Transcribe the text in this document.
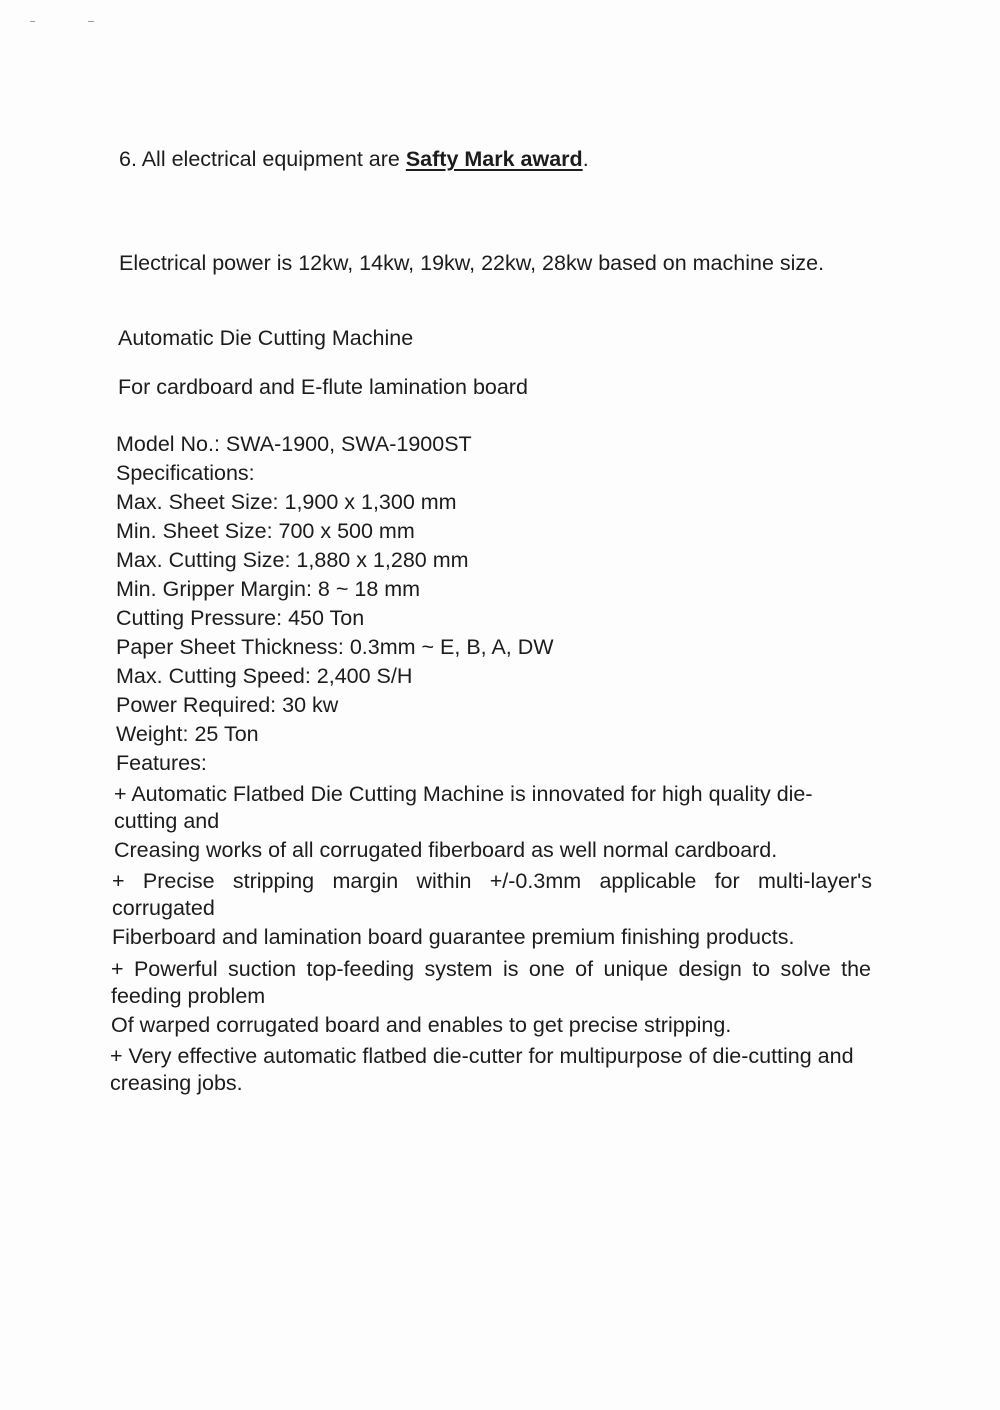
6. All electrical equipment are Safty Mark award.
Electrical power is 12kw, 14kw, 19kw, 22kw, 28kw based on machine size.
Automatic Die Cutting Machine
For cardboard and E-flute lamination board
Model No.: SWA-1900, SWA-1900ST
Specifications:
Max. Sheet Size: 1,900 x 1,300 mm
Min. Sheet Size: 700 x 500 mm
Max. Cutting Size: 1,880 x 1,280 mm
Min. Gripper Margin: 8 ~ 18 mm
Cutting Pressure: 450 Ton
Paper Sheet Thickness: 0.3mm ~ E, B, A, DW
Max. Cutting Speed: 2,400 S/H
Power Required: 30 kw
Weight: 25 Ton
Features:
+ Automatic Flatbed Die Cutting Machine is innovated for high quality die-cutting and
Creasing works of all corrugated fiberboard as well normal cardboard.
+ Precise stripping margin within +/-0.3mm applicable for multi-layer's corrugated
Fiberboard and lamination board guarantee premium finishing products.
+ Powerful suction top-feeding system is one of unique design to solve the feeding problem
Of warped corrugated board and enables to get precise stripping.
+ Very effective automatic flatbed die-cutter for multipurpose of die-cutting and creasing jobs.
